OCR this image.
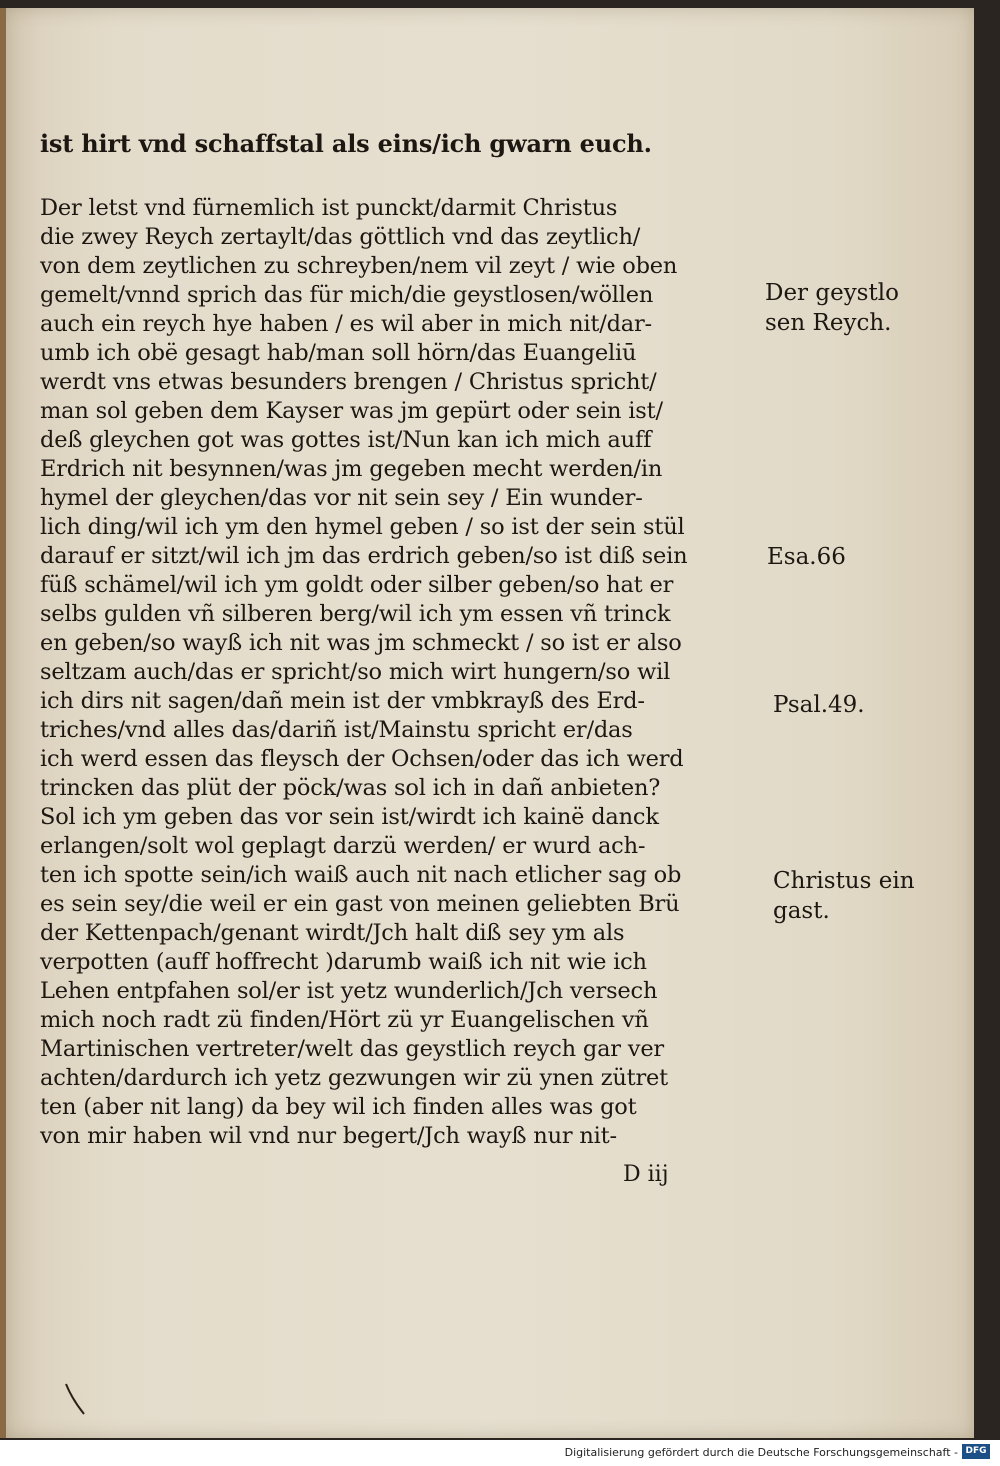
ist hirt vnd schaffstal als eins/ich gwarn euch.
Der letst vnd fürnemlich ist punckt/darmit Christus
die zwey Reych zertaylt/das göttlich vnd das zeytlich/
von dem zeytlichen zu schreyben/nem vil zeyt / wie oben
gemelt/vnnd sprich das für mich/die geystlosen/wöllen
auch ein reych hye haben / es wil aber in mich nit/dar-
umb ich obë gesagt hab/man soll hörn/das Euangeliū
werdt vns etwas besunders brengen / Christus spricht/
man sol geben dem Kayser was jm gepürt oder sein ist/
deß gleychen got was gottes ist/Nun kan ich mich auff
Erdrich nit besynnen/was jm gegeben mecht werden/in
hymel der gleychen/das vor nit sein sey / Ein wunder-
lich ding/wil ich ym den hymel geben / so ist der sein stül
darauf er sitzt/wil ich jm das erdrich geben/so ist diß sein
füß schämel/wil ich ym goldt oder silber geben/so hat er
selbs gulden vñ silberen berg/wil ich ym essen vñ trinck
en geben/so wayß ich nit was jm schmeckt / so ist er also
seltzam auch/das er spricht/so mich wirt hungern/so wil
ich dirs nit sagen/dañ mein ist der vmbkrayß des Erd-
triches/vnd alles das/dariñ ist/Mainstu spricht er/das
ich werd essen das fleysch der Ochsen/oder das ich werd
trincken das plüt der pöck/was sol ich in dañ anbieten?
Sol ich ym geben das vor sein ist/wirdt ich kainë danck
erlangen/solt wol geplagt darzü werden/ er wurd ach-
ten ich spotte sein/ich waiß auch nit nach etlicher sag ob
es sein sey/die weil er ein gast von meinen geliebten Brü
der Kettenpach/genant wirdt/Jch halt diß sey ym als
verpotten (auff hoffrecht )darumb waiß ich nit wie ich
Lehen entpfahen sol/er ist yetz wunderlich/Jch versech
mich noch radt zü finden/Hört zü yr Euangelischen vñ
Martinischen vertreter/welt das geystlich reych gar ver
achten/dardurch ich yetz gezwungen wir zü ynen zütret
ten (aber nit lang) da bey wil ich finden alles was got
von mir haben wil vnd nur begert/Jch wayß nur nit-
Der geystlo
sen Reych.
Esa.66
Psal.49.
Christus ein
gast.
D iij
Digitalisierung gefördert durch die Deutsche Forschungsgemeinschaft - DFG
